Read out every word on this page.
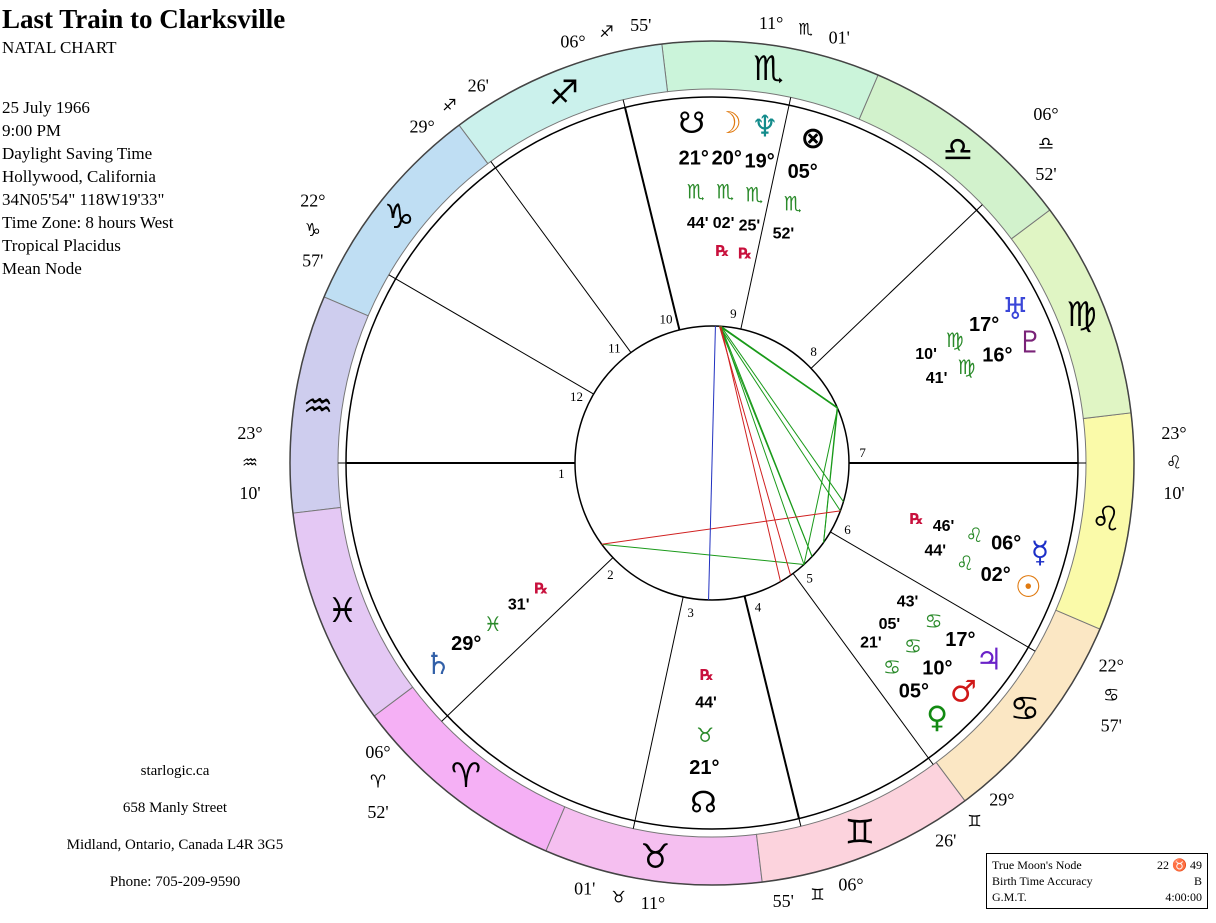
Last Train to Clarksville
NATAL CHART
25 July 1966
9:00 PM
Daylight Saving Time
Hollywood, California
34N05'54" 118W19'33"
Time Zone: 8 hours West
Tropical Placidus
Mean Node
starlogic.ca
658 Manly Street
Midland, Ontario, Canada L4R 3G5
Phone: 705-209-9590
True Moon's Node	22 ♉ 49
Birth Time Accuracy	B
G.M.T.	4:00:00
♈
♉
♊
♋
♌
♍
♎
♏
♐
♑
♒
♓
1
2
3	4
5
6
7
8
9
10
11
12
23°
♒
10'
06°
♈
52'
11°
♉
01'	06°
♊
55'
29°
♊
26'
22°
♋
57'
23°
♌
10'
06°
♎
52'
11° ♏ 01'
06° ♐ 55'
29°
♐
26'
22°
♑
57'
☊
21°
♉
44'
℞
☋
21°
♏
44'
☽
20°
♏
02'
℞
♆
19°
♏
25'
℞
⊗
05°
♏
52'
♅
17°
♍
10'	♇
16°
♍
41'
☿
06°
♌
46'
℞
☉
02°
♌
44'
♃
17°
♋
43'
♂
10°
♋
05'
♀
05°
♋
21'
♄
29°
♓
31'
℞
